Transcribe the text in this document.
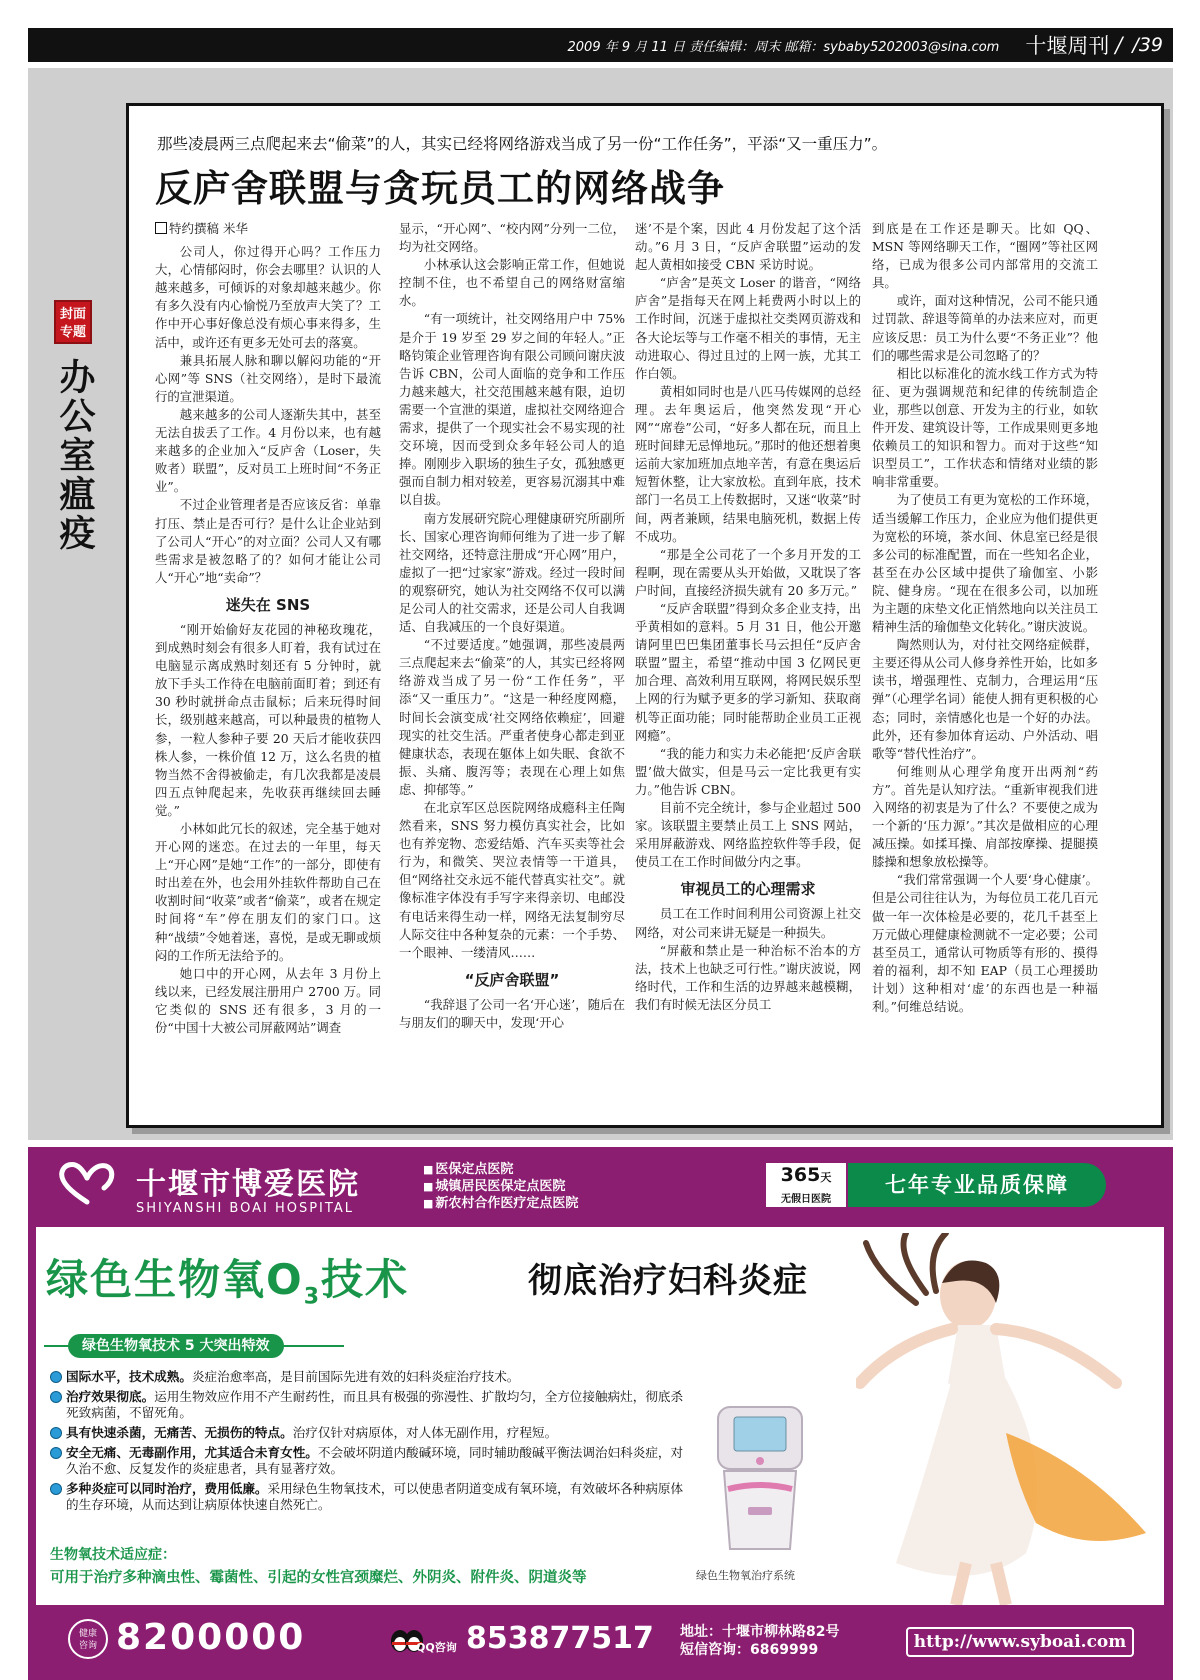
2009 年 9 月 11 日 责任编辑：周末 邮箱：sybaby5202003@sina.com 十堰周刊 / /39
封面
专题
办公室瘟疫
那些凌晨两三点爬起来去“偷菜”的人，其实已经将网络游戏当成了另一份“工作任务”，平添“又一重压力”。
反庐舍联盟与贪玩员工的网络战争

特约撰稿 米华

公司人，你过得开心吗？工作压力大，心情郁闷时，你会去哪里？认识的人越来越多，可倾诉的对象却越来越少。你有多久没有内心愉悦乃至放声大笑了？工作中开心事好像总没有烦心事来得多，生活中，或许还有更多无处可去的落寞。

兼具拓展人脉和聊以解闷功能的“开心网”等 SNS（社交网络），是时下最流行的宣泄渠道。

越来越多的公司人逐渐失其中，甚至无法自拔丢了工作。4 月份以来，也有越来越多的企业加入“反庐舍（Loser，失败者）联盟”，反对员工上班时间“不务正业”。

不过企业管理者是否应该反省：单靠打压、禁止是否可行？是什么让企业站到了公司人“开心”的对立面？公司人又有哪些需求是被忽略了的？如何才能让公司人“开心”地“卖命”？

迷失在 SNS

“刚开始偷好友花园的神秘玫瑰花，到成熟时刻会有很多人盯着，我有试过在电脑显示离成熟时刻还有 5 分钟时，就放下手头工作待在电脑前面盯着；到还有 30 秒时就拼命点击鼠标；后来玩得时间长，级别越来越高，可以种最贵的植物人参，一粒人参种子要 20 天后才能收获四株人参，一株价值 12 万，这么名贵的植物当然不舍得被偷走，有几次我都是凌晨四五点钟爬起来，先收获再继续回去睡觉。”

小林如此冗长的叙述，完全基于她对开心网的迷恋。在过去的一年里，每天上“开心网”是她“工作”的一部分，即使有时出差在外，也会用外挂软件帮助自己在收割时间“收菜”或者“偷菜”，或者在规定时间将“车”停在朋友们的家门口。这种“战绩”令她着迷，喜悦，是或无聊或烦闷的工作所无法给予的。

她口中的开心网，从去年 3 月份上线以来，已经发展注册用户 2700 万。同它类似的 SNS 还有很多，3 月的一份“中国十大被公司屏蔽网站”调查

显示，“开心网”、“校内网”分列一二位，均为社交网络。

小林承认这会影响正常工作，但她说控制不住，也不希望自己的网络财富缩水。

“有一项统计，社交网络用户中 75% 是介于 19 岁至 29 岁之间的年轻人。”正略钧策企业管理咨询有限公司顾问谢庆波告诉 CBN，公司人面临的竞争和工作压力越来越大，社交范围越来越有限，迫切需要一个宣泄的渠道，虚拟社交网络迎合需求，提供了一个现实社会不易实现的社交环境，因而受到众多年轻公司人的追捧。刚刚步入职场的独生子女，孤独感更强而自制力相对较差，更容易沉溺其中难以自拔。

南方发展研究院心理健康研究所副所长、国家心理咨询师何维为了进一步了解社交网络，还特意注册成“开心网”用户，虚拟了一把“过家家”游戏。经过一段时间的观察研究，她认为社交网络不仅可以满足公司人的社交需求，还是公司人自我调适、自我减压的一个良好渠道。

“不过要适度。”她强调，那些凌晨两三点爬起来去“偷菜”的人，其实已经将网络游戏当成了另一份“工作任务”，平添“又一重压力”。“这是一种经度网瘾，时间长会演变成‘社交网络依赖症’，回避现实的社交生活。严重者使身心都走到亚健康状态，表现在躯体上如失眠、食欲不振、头痛、腹泻等；表现在心理上如焦虑、抑郁等。”

在北京军区总医院网络成瘾科主任陶然看来，SNS 努力模仿真实社会，比如也有养宠物、恋爱结婚、汽车买卖等社会行为，和微笑、哭泣表情等一干道具，但“网络社交永远不能代替真实社交”。就像标准字体没有手写字来得亲切、电邮没有电话来得生动一样，网络无法复制穷尽人际交往中各种复杂的元素：一个手势、一个眼神、一缕清风……

“反庐舍联盟”

“我辞退了公司一名‘开心迷’，随后在与朋友们的聊天中，发现‘开心

迷’不是个案，因此 4 月份发起了这个活动。”6 月 3 日，“反庐舍联盟”运动的发起人黄相如接受 CBN 采访时说。

“庐舍”是英文 Loser 的谐音，“网络庐舍”是指每天在网上耗费两小时以上的工作时间，沉迷于虚拟社交类网页游戏和各大论坛等与工作毫不相关的事情，无主动进取心、得过且过的上网一族，尤其工作白领。

黄相如同时也是八匹马传媒网的总经理。去年奥运后，他突然发现“开心网”“席卷”公司，“好多人都在玩，而且上班时间肆无忌惮地玩。”那时的他还想着奥运前大家加班加点地辛苦，有意在奥运后短暂休整，让大家放松。直到年底，技术部门一名员工上传数据时，又迷“收菜”时间，两者兼顾，结果电脑死机，数据上传不成功。

“那是全公司花了一个多月开发的工程啊，现在需要从头开始做，又耽误了客户时间，直接经济损失就有 20 多万元。”

“反庐舍联盟”得到众多企业支持，出乎黄相如的意料。5 月 31 日，他公开邀请阿里巴巴集团董事长马云担任“反庐舍联盟”盟主，希望“推动中国 3 亿网民更加合理、高效利用互联网，将网民娱乐型上网的行为赋予更多的学习新知、获取商机等正面功能；同时能帮助企业员工正视网瘾”。

“我的能力和实力未必能把‘反庐舍联盟’做大做实，但是马云一定比我更有实力。”他告诉 CBN。

目前不完全统计，参与企业超过 500 家。该联盟主要禁止员工上 SNS 网站，采用屏蔽游戏、网络监控软件等手段，促使员工在工作时间做分内之事。

审视员工的心理需求

员工在工作时间利用公司资源上社交网络，对公司来讲无疑是一种损失。

“屏蔽和禁止是一种治标不治本的方法，技术上也缺乏可行性。”谢庆波说，网络时代，工作和生活的边界越来越模糊，我们有时候无法区分员工

到底是在工作还是聊天。比如 QQ、MSN 等网络聊天工作，“圈网”等社区网络，已成为很多公司内部常用的交流工具。

或许，面对这种情况，公司不能只通过罚款、辞退等简单的办法来应对，而更应该反思：员工为什么要“不务正业”？他们的哪些需求是公司忽略了的？

相比以标准化的流水线工作方式为特征、更为强调规范和纪律的传统制造企业，那些以创意、开发为主的行业，如软件开发、建筑设计等，工作成果则更多地依赖员工的知识和智力。而对于这些“知识型员工”，工作状态和情绪对业绩的影响非常重要。

为了使员工有更为宽松的工作环境，适当缓解工作压力，企业应为他们提供更为宽松的环境，茶水间、休息室已经是很多公司的标准配置，而在一些知名企业，甚至在办公区域中提供了瑜伽室、小影院、健身房。“现在在很多公司，以加班为主题的床垫文化正悄然地向以关注员工精神生活的瑜伽垫文化转化。”谢庆波说。

陶然则认为，对付社交网络症候群，主要还得从公司人修身养性开始，比如多读书，增强理性、克制力，合理运用“压弹”（心理学名词）能使人拥有更积极的心态；同时，亲情感化也是一个好的办法。此外，还有参加体育运动、户外活动、唱歌等“替代性治疗”。

何维则从心理学角度开出两剂“药方”。首先是认知疗法。“重新审视我们进入网络的初衷是为了什么？不要使之成为一个新的‘压力源’。”其次是做相应的心理减压操。如揉耳操、肩部按摩操、提腿摸膝操和想象放松操等。

“我们常常强调一个人要‘身心健康’。但是公司往往认为，为每位员工花几百元做一年一次体检是必要的，花几千甚至上万元做心理健康检测就不一定必要；公司甚至员工，通常认可物质等有形的、摸得着的福利，却不知 EAP（员工心理援助计划）这种相对‘虚’的东西也是一种福利。”何维总结说。

十堰市博爱医院
SHIYANSHI BOAI HOSPITAL
■ 医保定点医院
■ 城镇居民医保定点医院
■ 新农村合作医疗定点医院
365天
无假日医院
七年专业品质保障
绿色生物氧$O_3$技术	彻底治疗妇科炎症
绿色生物氧技术 5 大突出特效
国际水平，技术成熟。炎症治愈率高，是目前国际先进有效的妇科炎症治疗技术。
治疗效果彻底。运用生物效应作用不产生耐药性，而且具有极强的弥漫性、扩散均匀，全方位接触病灶，彻底杀死致病菌，不留死角。
具有快速杀菌，无痛苦、无损伤的特点。治疗仅针对病原体，对人体无副作用，疗程短。
安全无痛、无毒副作用，尤其适合未育女性。不会破坏阴道内酸碱环境，同时辅助酸碱平衡法调治妇科炎症，对久治不愈、反复发作的炎症患者，具有显著疗效。
多种炎症可以同时治疗，费用低廉。采用绿色生物氧技术，可以使患者阴道变成有氧环境，有效破坏各种病原体的生存环境，从而达到让病原体快速自然死亡。
生物氧技术适应症：
可用于治疗多种滴虫性、霉菌性、引起的女性宫颈糜烂、外阴炎、附件炎、阴道炎等	绿色生物氧治疗系统
健康
咨询 8200000	QQ咨询 853877517 地址：十堰市柳林路82号
短信咨询：6869999	http://www.syboai.com
